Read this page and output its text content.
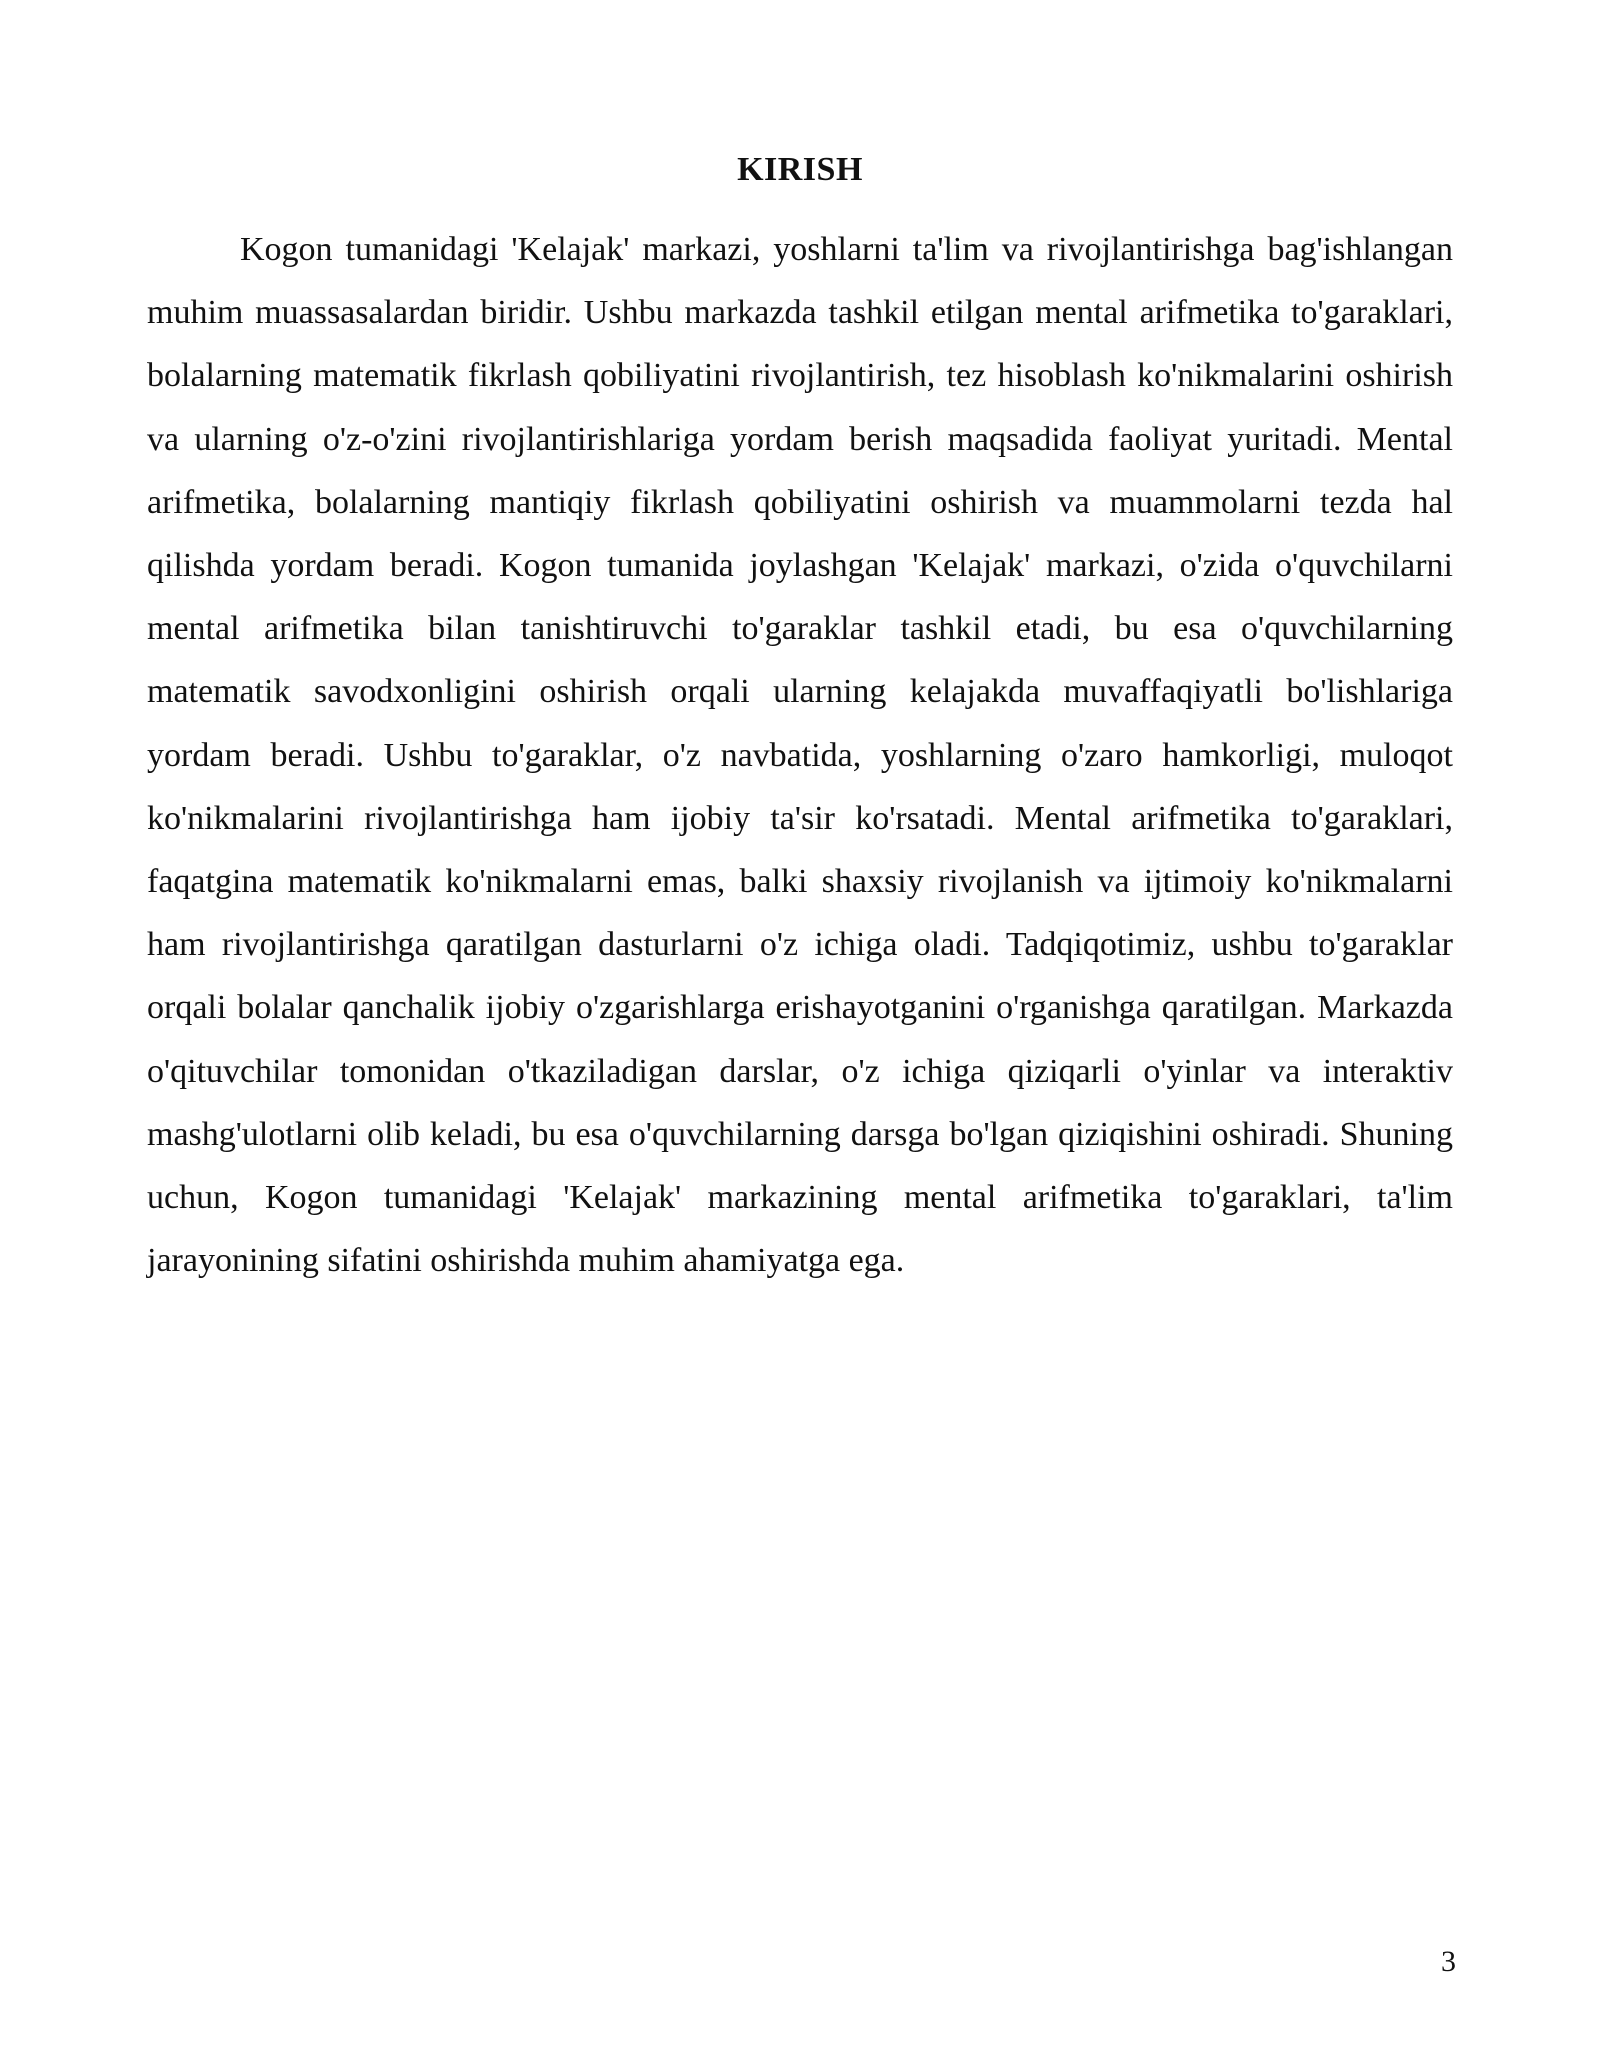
KIRISH

Kogon tumanidagi 'Kelajak' markazi, yoshlarni ta'lim va rivojlantirishga bag'ishlangan muhim muassasalardan biridir. Ushbu markazda tashkil etilgan mental arifmetika to'garaklari, bolalarning matematik fikrlash qobiliyatini rivojlantirish, tez hisoblash ko'nikmalarini oshirish va ularning o'z-o'zini rivojlantirishlariga yordam berish maqsadida faoliyat yuritadi. Mental arifmetika, bolalarning mantiqiy fikrlash qobiliyatini oshirish va muammolarni tezda hal qilishda yordam beradi. Kogon tumanida joylashgan 'Kelajak' markazi, o'zida o'quvchilarni mental arifmetika bilan tanishtiruvchi to'garaklar tashkil etadi, bu esa o'quvchilarning matematik savodxonligini oshirish orqali ularning kelajakda muvaffaqiyatli bo'lishlariga yordam beradi. Ushbu to'garaklar, o'z navbatida, yoshlarning o'zaro hamkorligi, muloqot ko'nikmalarini rivojlantirishga ham ijobiy ta'sir ko'rsatadi. Mental arifmetika to'garaklari, faqatgina matematik ko'nikmalarni emas, balki shaxsiy rivojlanish va ijtimoiy ko'nikmalarni ham rivojlantirishga qaratilgan dasturlarni o'z ichiga oladi. Tadqiqotimiz, ushbu to'garaklar orqali bolalar qanchalik ijobiy o'zgarishlarga erishayotganini o'rganishga qaratilgan. Markazda o'qituvchilar tomonidan o'tkaziladigan darslar, o'z ichiga qiziqarli o'yinlar va interaktiv mashg'ulotlarni olib keladi, bu esa o'quvchilarning darsga bo'lgan qiziqishini oshiradi. Shuning uchun, Kogon tumanidagi 'Kelajak' markazining mental arifmetika to'garaklari, ta'lim jarayonining sifatini oshirishda muhim ahamiyatga ega.

3
